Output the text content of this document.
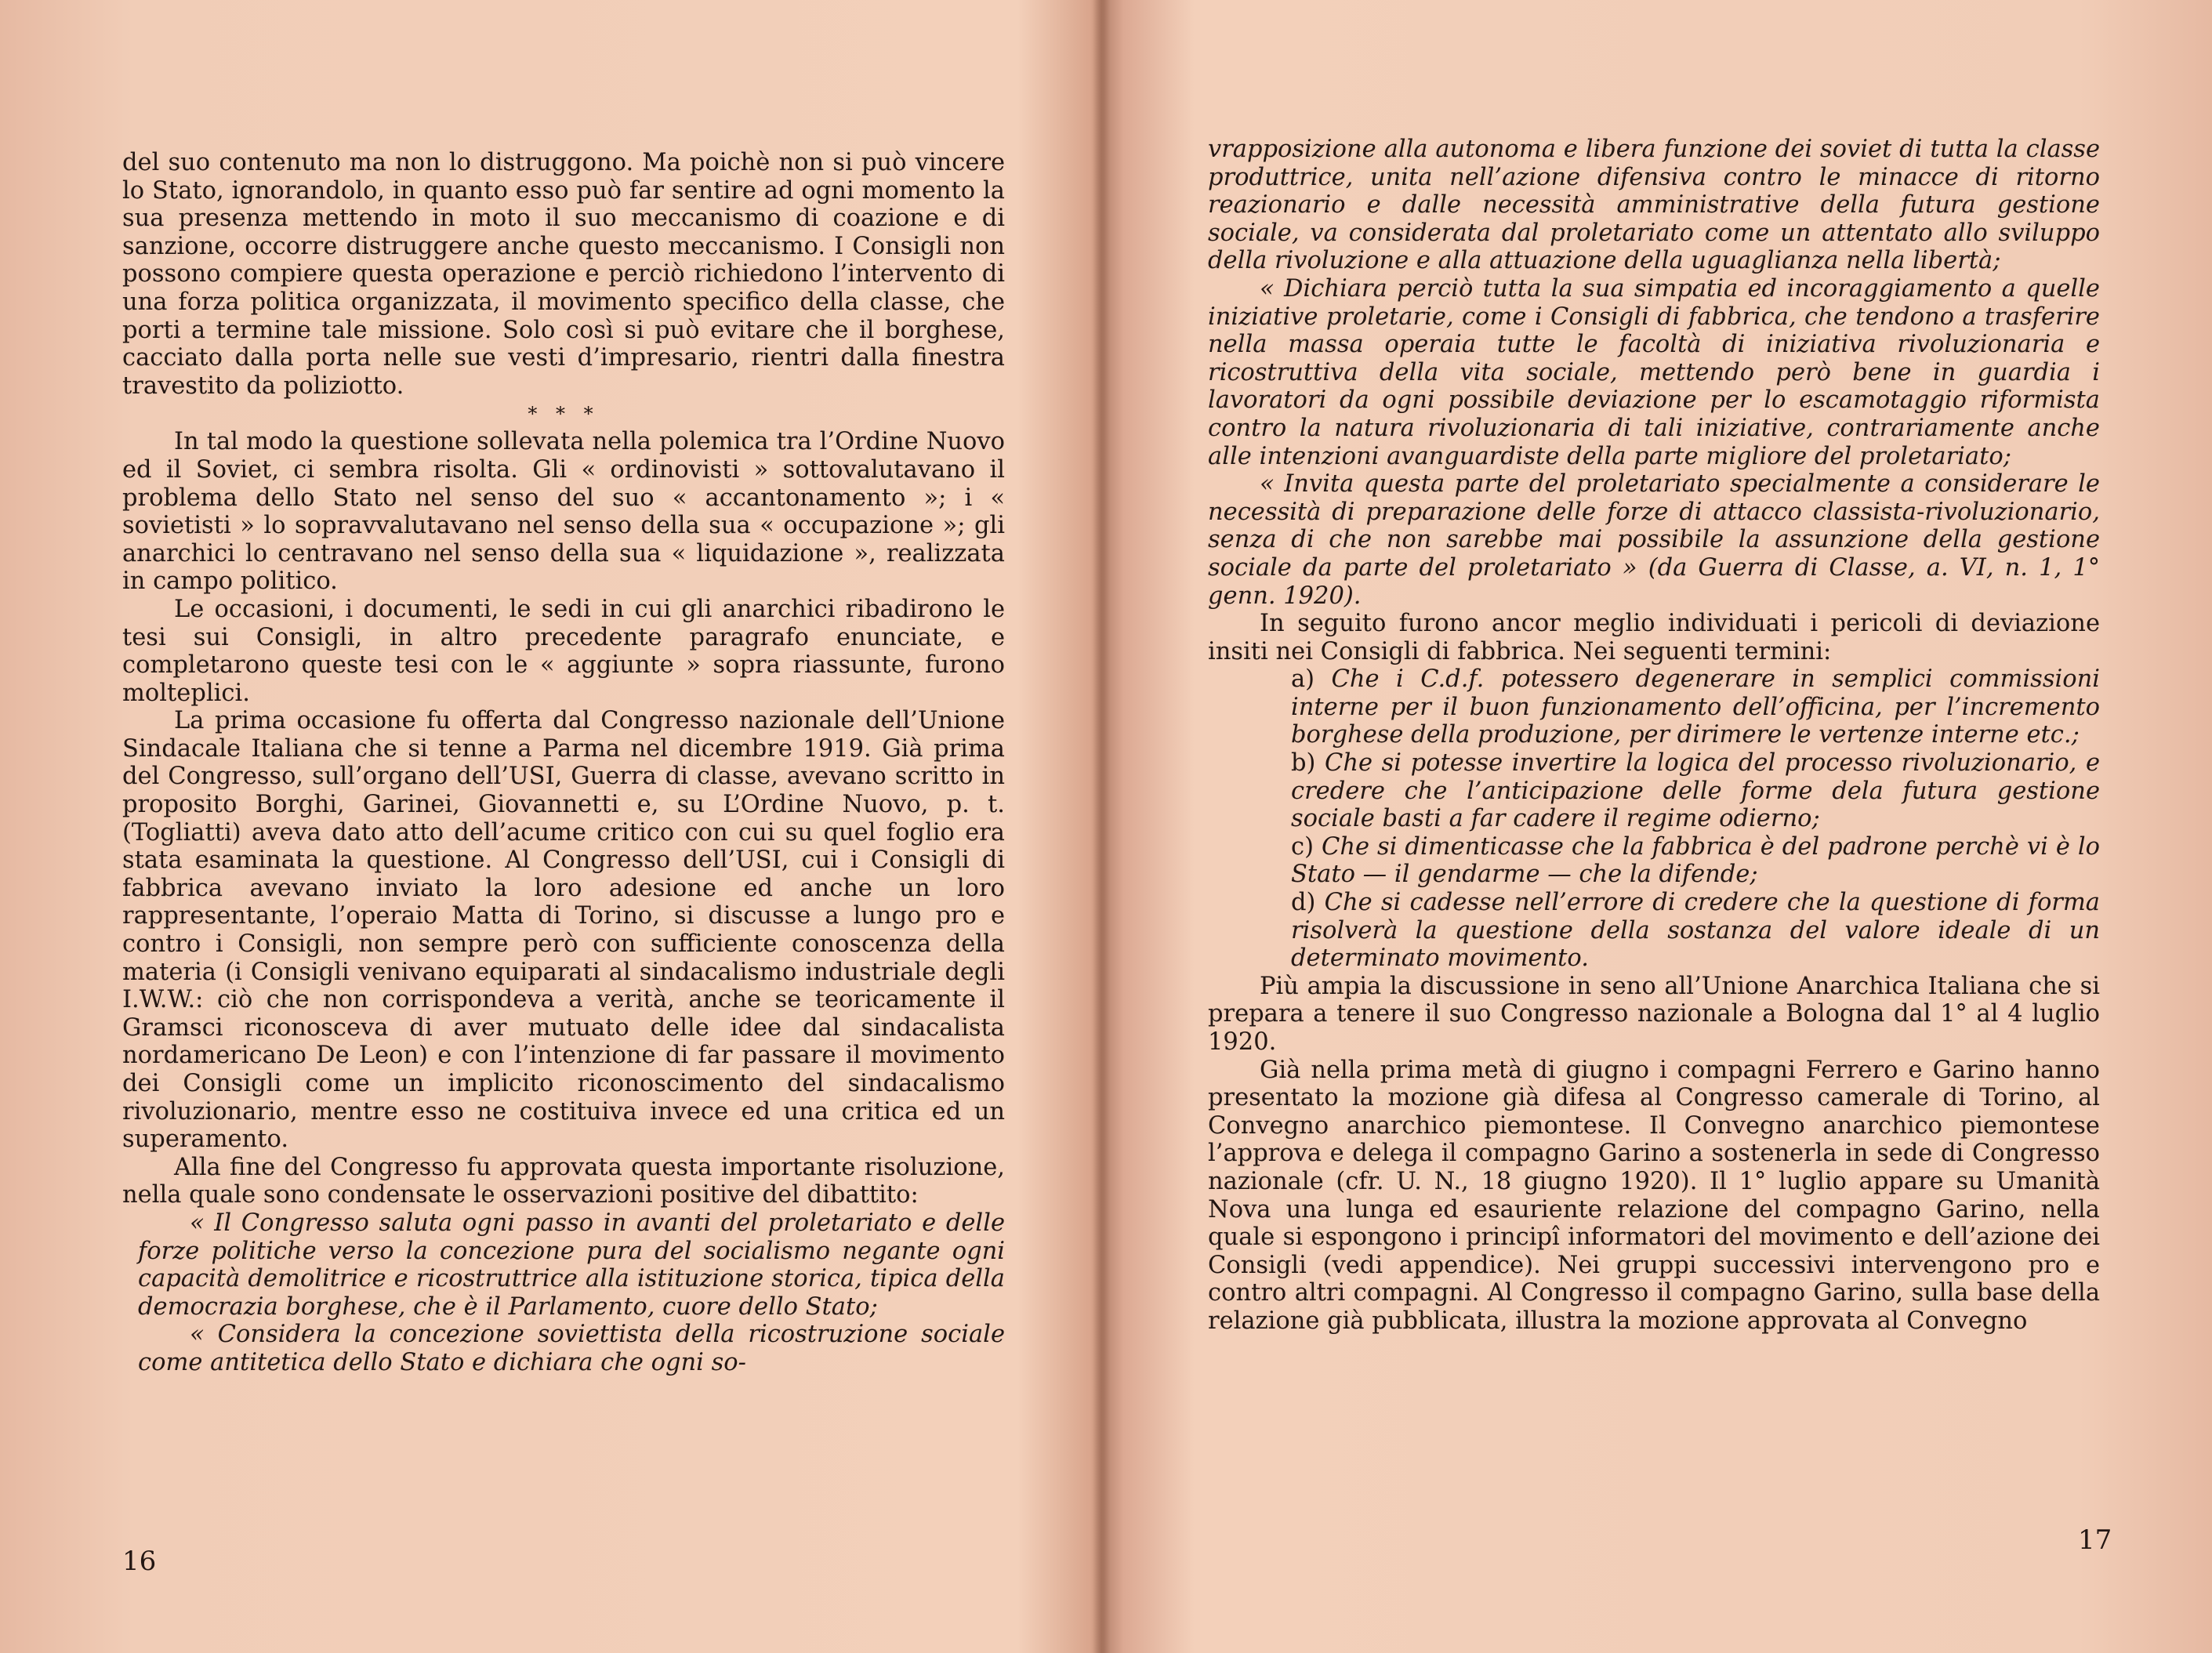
del suo contenuto ma non lo distruggono. Ma poichè non si può vincere lo Stato, ignorandolo, in quanto esso può far sentire ad ogni momento la sua presenza mettendo in moto il suo meccanismo di coazione e di sanzione, occorre distruggere anche questo meccanismo. I Consigli non possono compiere questa operazione e perciò richiedono l’intervento di una forza politica organizzata, il movimento specifico della classe, che porti a termine tale missione. Solo così si può evitare che il borghese, cacciato dalla porta nelle sue vesti d’impresario, rientri dalla finestra travestito da poliziotto.

* * *

In tal modo la questione sollevata nella polemica tra l’Ordine Nuovo ed il Soviet, ci sembra risolta. Gli « ordinovisti » sottovalutavano il problema dello Stato nel senso del suo « accantonamento »; i « sovietisti » lo sopravvalutavano nel senso della sua « occupazione »; gli anarchici lo centravano nel senso della sua « liquidazione », realizzata in campo politico.

Le occasioni, i documenti, le sedi in cui gli anarchici ribadirono le tesi sui Consigli, in altro precedente paragrafo enunciate, e completarono queste tesi con le « aggiunte » sopra riassunte, furono molteplici.

La prima occasione fu offerta dal Congresso nazionale dell’Unione Sindacale Italiana che si tenne a Parma nel dicembre 1919. Già prima del Congresso, sull’organo dell’USI, Guerra di classe, avevano scritto in proposito Borghi, Garinei, Giovannetti e, su L’Ordine Nuovo, p. t. (Togliatti) aveva dato atto dell’acume critico con cui su quel foglio era stata esaminata la questione. Al Congresso dell’USI, cui i Consigli di fabbrica avevano inviato la loro adesione ed anche un loro rappresentante, l’operaio Matta di Torino, si discusse a lungo pro e contro i Consigli, non sempre però con sufficiente conoscenza della materia (i Consigli venivano equiparati al sindacalismo industriale degli I.W.W.: ciò che non corrispondeva a verità, anche se teoricamente il Gramsci riconosceva di aver mutuato delle idee dal sindacalista nordamericano De Leon) e con l’intenzione di far passare il movimento dei Consigli come un implicito riconoscimento del sindacalismo rivoluzionario, mentre esso ne costituiva invece ed una critica ed un superamento.

Alla fine del Congresso fu approvata questa importante risoluzione, nella quale sono condensate le osservazioni positive del dibattito:

« Il Congresso saluta ogni passo in avanti del proletariato e delle forze politiche verso la concezione pura del socialismo negante ogni capacità demolitrice e ricostruttrice alla istituzione storica, tipica della democrazia borghese, che è il Parlamento, cuore dello Stato;

« Considera la concezione soviettista della ricostruzione sociale come antitetica dello Stato e dichiara che ogni so-

16

vrapposizione alla autonoma e libera funzione dei soviet di tutta la classe produttrice, unita nell’azione difensiva contro le minacce di ritorno reazionario e dalle necessità amministrative della futura gestione sociale, va considerata dal proletariato come un attentato allo sviluppo della rivoluzione e alla attuazione della uguaglianza nella libertà;

« Dichiara perciò tutta la sua simpatia ed incoraggiamento a quelle iniziative proletarie, come i Consigli di fabbrica, che tendono a trasferire nella massa operaia tutte le facoltà di iniziativa rivoluzionaria e ricostruttiva della vita sociale, mettendo però bene in guardia i lavoratori da ogni possibile deviazione per lo escamotaggio riformista contro la natura rivoluzionaria di tali iniziative, contrariamente anche alle intenzioni avanguardiste della parte migliore del proletariato;

« Invita questa parte del proletariato specialmente a considerare le necessità di preparazione delle forze di attacco classista-rivoluzionario, senza di che non sarebbe mai possibile la assunzione della gestione sociale da parte del proletariato » (da Guerra di Classe, a. VI, n. 1, 1° genn. 1920).

In seguito furono ancor meglio individuati i pericoli di deviazione insiti nei Consigli di fabbrica. Nei seguenti termini:

a) Che i C.d.f. potessero degenerare in semplici commissioni interne per il buon funzionamento dell’officina, per l’incremento borghese della produzione, per dirimere le vertenze interne etc.;

b) Che si potesse invertire la logica del processo rivoluzionario, e credere che l’anticipazione delle forme dela futura gestione sociale basti a far cadere il regime odierno;

c) Che si dimenticasse che la fabbrica è del padrone perchè vi è lo Stato — il gendarme — che la difende;

d) Che si cadesse nell’errore di credere che la questione di forma risolverà la questione della sostanza del valore ideale di un determinato movimento.

Più ampia la discussione in seno all’Unione Anarchica Italiana che si prepara a tenere il suo Congresso nazionale a Bologna dal 1° al 4 luglio 1920.

Già nella prima metà di giugno i compagni Ferrero e Garino hanno presentato la mozione già difesa al Congresso camerale di Torino, al Convegno anarchico piemontese. Il Convegno anarchico piemontese l’approva e delega il compagno Garino a sostenerla in sede di Congresso nazionale (cfr. U. N., 18 giugno 1920). Il 1° luglio appare su Umanità Nova una lunga ed esauriente relazione del compagno Garino, nella quale si espongono i principî informatori del movimento e dell’azione dei Consigli (vedi appendice). Nei gruppi successivi intervengono pro e contro altri compagni. Al Congresso il compagno Garino, sulla base della relazione già pubblicata, illustra la mozione approvata al Convegno

17
